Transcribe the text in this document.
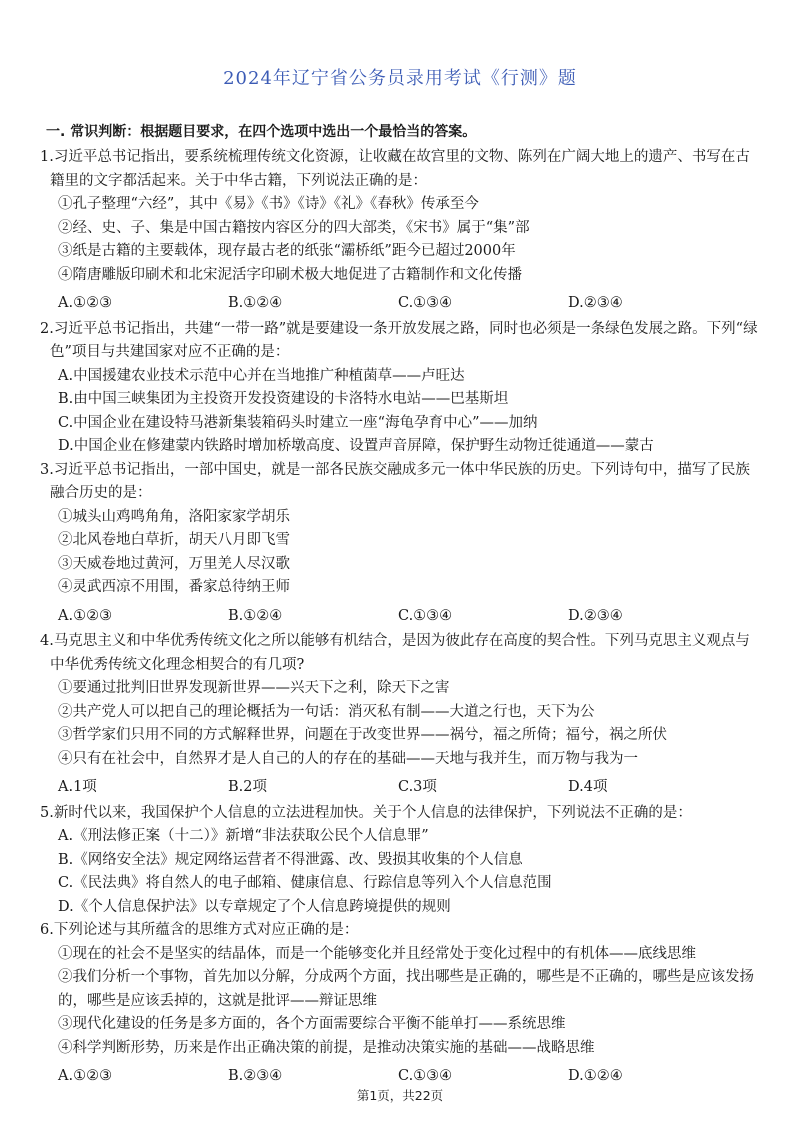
2024年辽宁省公务员录用考试《行测》题
一. 常识判断：根据题目要求，在四个选项中选出一个最恰当的答案。
1.习近平总书记指出，要系统梳理传统文化资源，让收藏在故宫里的文物、陈列在广阔大地上的遗产、书写在古籍里的文字都活起来。关于中华古籍，下列说法正确的是：
①孔子整理“六经”，其中《易》《书》《诗》《礼》《春秋》传承至今
②经、史、子、集是中国古籍按内容区分的四大部类，《宋书》属于“集”部
③纸是古籍的主要载体，现存最古老的纸张“灞桥纸”距今已超过2000年
④隋唐雕版印刷术和北宋泥活字印刷术极大地促进了古籍制作和文化传播
A.①②③	B.①②④	C.①③④	D.②③④
2.习近平总书记指出，共建“一带一路”就是要建设一条开放发展之路，同时也必须是一条绿色发展之路。下列“绿色”项目与共建国家对应不正确的是：
A.中国援建农业技术示范中心并在当地推广种植菌草——卢旺达
B.由中国三峡集团为主投资开发投资建设的卡洛特水电站——巴基斯坦
C.中国企业在建设特马港新集装箱码头时建立一座“海龟孕育中心”——加纳
D.中国企业在修建蒙内铁路时增加桥墩高度、设置声音屏障，保护野生动物迁徙通道——蒙古
3.习近平总书记指出，一部中国史，就是一部各民族交融成多元一体中华民族的历史。下列诗句中，描写了民族融合历史的是：
①城头山鸡鸣角角，洛阳家家学胡乐
②北风卷地白草折，胡天八月即飞雪
③天威卷地过黄河，万里羌人尽汉歌
④灵武西凉不用围，番家总待纳王师
A.①②③	B.①②④	C.①③④	D.②③④
4.马克思主义和中华优秀传统文化之所以能够有机结合，是因为彼此存在高度的契合性。下列马克思主义观点与中华优秀传统文化理念相契合的有几项?
①要通过批判旧世界发现新世界——兴天下之利，除天下之害
②共产党人可以把自己的理论概括为一句话：消灭私有制——大道之行也，天下为公
③哲学家们只用不同的方式解释世界，问题在于改变世界——祸兮，福之所倚；福兮，祸之所伏
④只有在社会中，自然界才是人自己的人的存在的基础——天地与我并生，而万物与我为一
A.1项	B.2项	C.3项	D.4项
5.新时代以来，我国保护个人信息的立法进程加快。关于个人信息的法律保护，下列说法不正确的是：
A.《刑法修正案（十二）》新增“非法获取公民个人信息罪”
B.《网络安全法》规定网络运营者不得泄露、改、毁损其收集的个人信息
C.《民法典》将自然人的电子邮箱、健康信息、行踪信息等列入个人信息范围
D.《个人信息保护法》以专章规定了个人信息跨境提供的规则
6.下列论述与其所蕴含的思维方式对应正确的是：
①现在的社会不是坚实的结晶体，而是一个能够变化并且经常处于变化过程中的有机体——底线思维
②我们分析一个事物，首先加以分解，分成两个方面，找出哪些是正确的，哪些是不正确的，哪些是应该发扬的，哪些是应该丢掉的，这就是批评——辩证思维
③现代化建设的任务是多方面的，各个方面需要综合平衡不能单打——系统思维
④科学判断形势，历来是作出正确决策的前提，是推动决策实施的基础——战略思维
A.①②③	B.②③④	C.①③④	D.①②④
第1页，共22页
